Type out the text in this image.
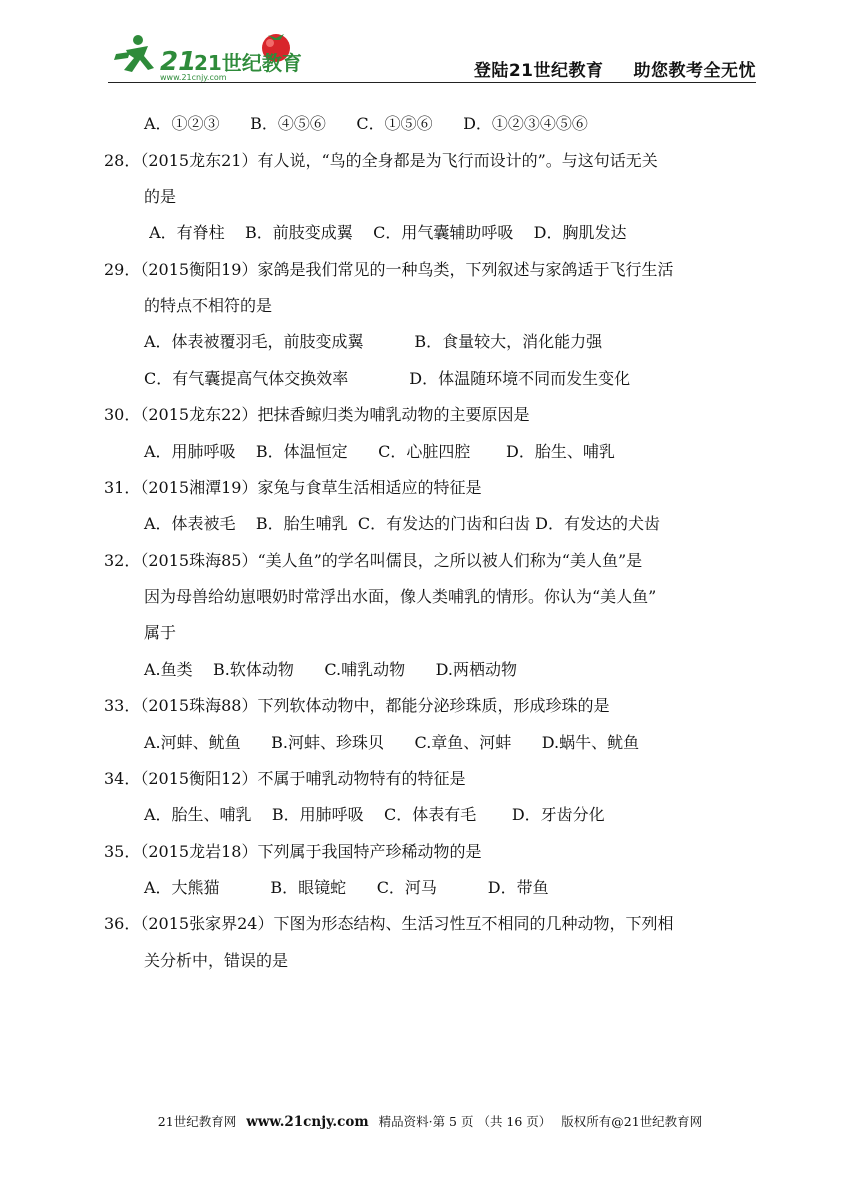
21
21世纪教育
www.21cnjy.com	登陆21世纪教育 助您教考全无忧
A．①②③      B．④⑤⑥      C．①⑤⑥      D．①②③④⑤⑥
28．（2015龙东21）有人说，“鸟的全身都是为飞行而设计的”。与这句话无关
的是
A．有脊柱    B．前肢变成翼    C．用气囊辅助呼吸    D．胸肌发达
29．（2015衡阳19）家鸽是我们常见的一种鸟类，下列叙述与家鸽适于飞行生活
的特点不相符的是
A．体表被覆羽毛，前肢变成翼          B．食量较大，消化能力强
C．有气囊提高气体交换效率            D．体温随环境不同而发生变化
30．（2015龙东22）把抹香鲸归类为哺乳动物的主要原因是
A．用肺呼吸    B．体温恒定      C．心脏四腔       D．胎生、哺乳
31．（2015湘潭19）家兔与食草生活相适应的特征是
A．体表被毛    B．胎生哺乳  C．有发达的门齿和臼齿 D．有发达的犬齿
32．（2015珠海85）“美人鱼”的学名叫儒艮，之所以被人们称为“美人鱼”是
因为母兽给幼崽喂奶时常浮出水面，像人类哺乳的情形。你认为“美人鱼”
属于
A.鱼类    B.软体动物      C.哺乳动物      D.两栖动物
33．（2015珠海88）下列软体动物中，都能分泌珍珠质，形成珍珠的是
A.河蚌、鱿鱼      B.河蚌、珍珠贝      C.章鱼、河蚌      D.蜗牛、鱿鱼
34．（2015衡阳12）不属于哺乳动物特有的特征是
A．胎生、哺乳    B．用肺呼吸    C．体表有毛       D．牙齿分化
35．（2015龙岩18）下列属于我国特产珍稀动物的是
A．大熊猫          B．眼镜蛇      C．河马          D．带鱼
36．（2015张家界24）下图为形态结构、生活习性互不相同的几种动物，下列相
关分析中，错误的是
21世纪教育网 www.21cnjy.com 精品资料·第 5 页 （共 16 页） 版权所有@21世纪教育网
